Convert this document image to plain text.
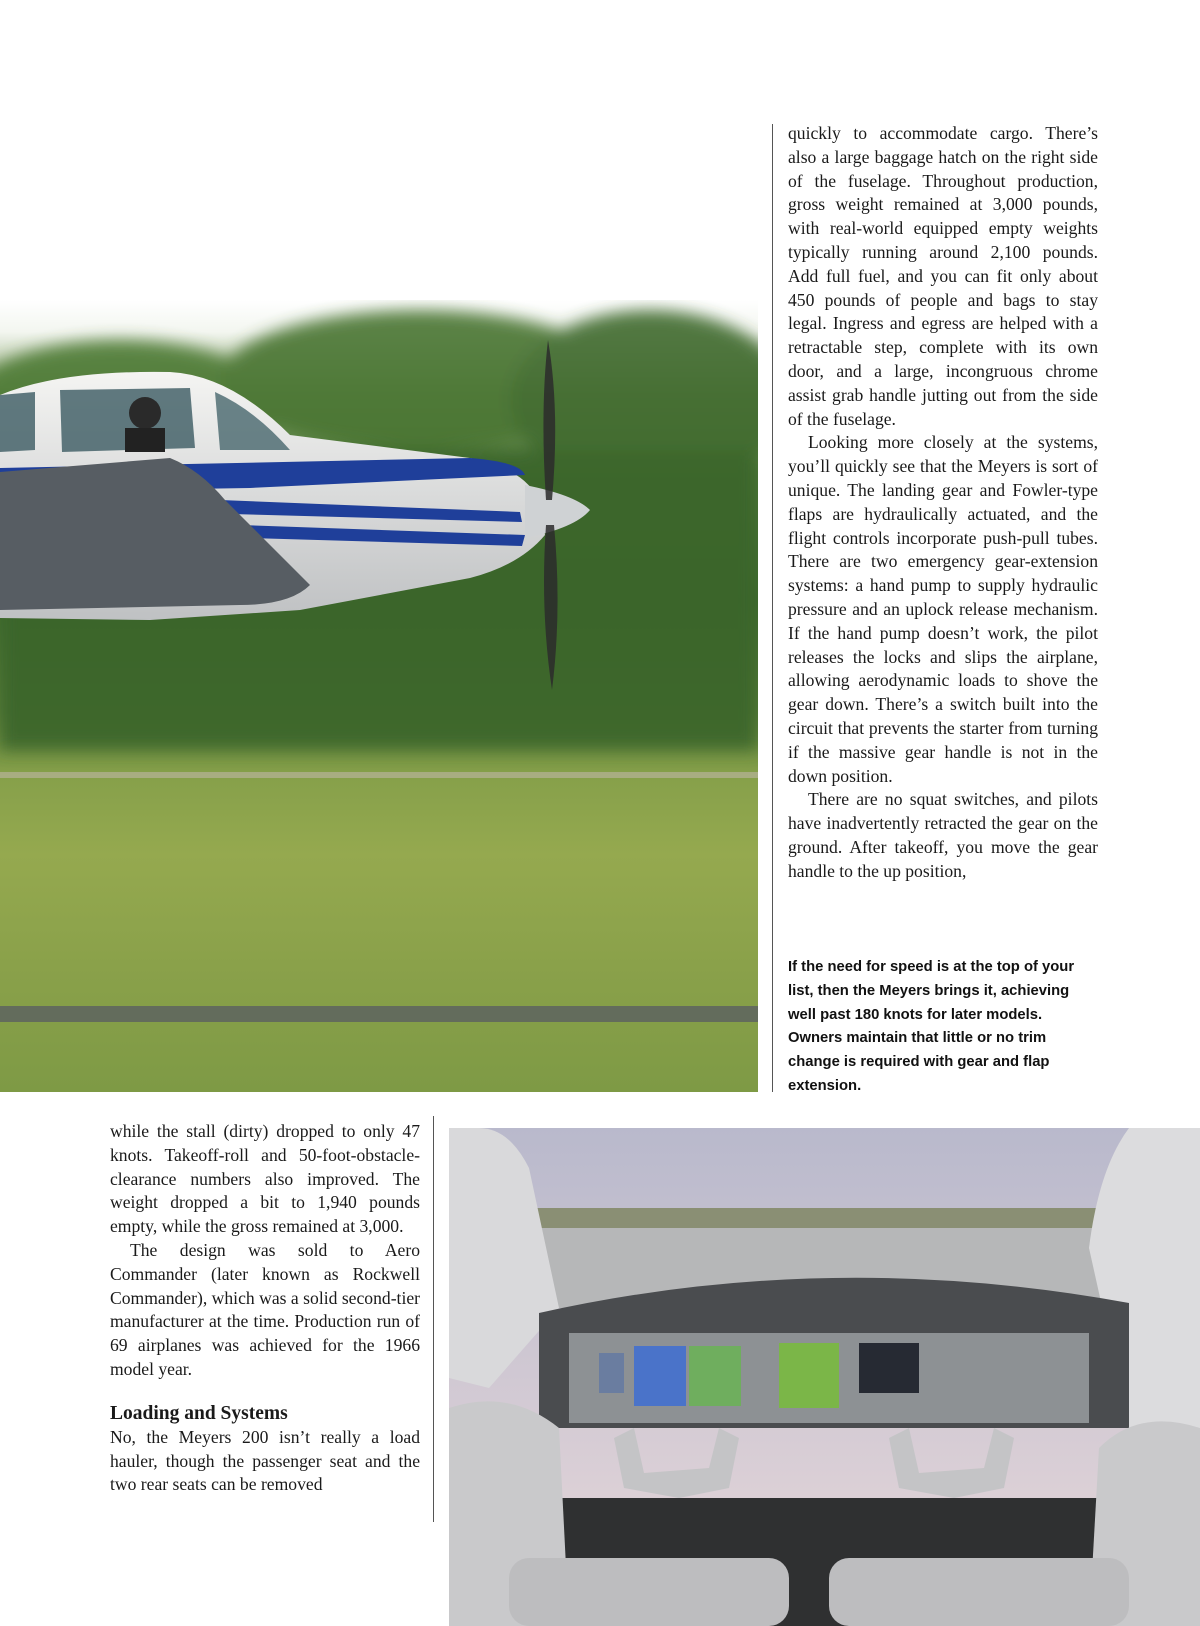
quickly to accommodate cargo. There’s also a large baggage hatch on the right side of the fuselage. Throughout production, gross weight remained at 3,000 pounds, with real-world equipped empty weights typically running around 2,100 pounds. Add full fuel, and you can fit only about 450 pounds of people and bags to stay legal. Ingress and egress are helped with a retractable step, complete with its own door, and a large, incongruous chrome assist grab handle jutting out from the side of the fuselage.

Looking more closely at the systems, you’ll quickly see that the Meyers is sort of unique. The landing gear and Fowler-type flaps are hydraulically actuated, and the flight controls incorporate push-pull tubes. There are two emergency gear-extension systems: a hand pump to supply hydraulic pressure and an uplock release mechanism. If the hand pump doesn’t work, the pilot releases the locks and slips the airplane, allowing aerodynamic loads to shove the gear down. There’s a switch built into the circuit that prevents the starter from turning if the massive gear handle is not in the down position.

There are no squat switches, and pilots have inadvertently retracted the gear on the ground. After takeoff, you move the gear handle to the up position,

If the need for speed is at the top of your list, then the Meyers brings it, achieving well past 180 knots for later models. Owners maintain that little or no trim change is required with gear and flap extension.

while the stall (dirty) dropped to only 47 knots. Takeoff-roll and 50-foot-obstacle-clearance numbers also improved. The weight dropped a bit to 1,940 pounds empty, while the gross remained at 3,000.

The design was sold to Aero Commander (later known as Rockwell Commander), which was a solid second-tier manufacturer at the time. Production run of 69 airplanes was achieved for the 1966 model year.

Loading and Systems

No, the Meyers 200 isn’t really a load hauler, though the passenger seat and the two rear seats can be removed
